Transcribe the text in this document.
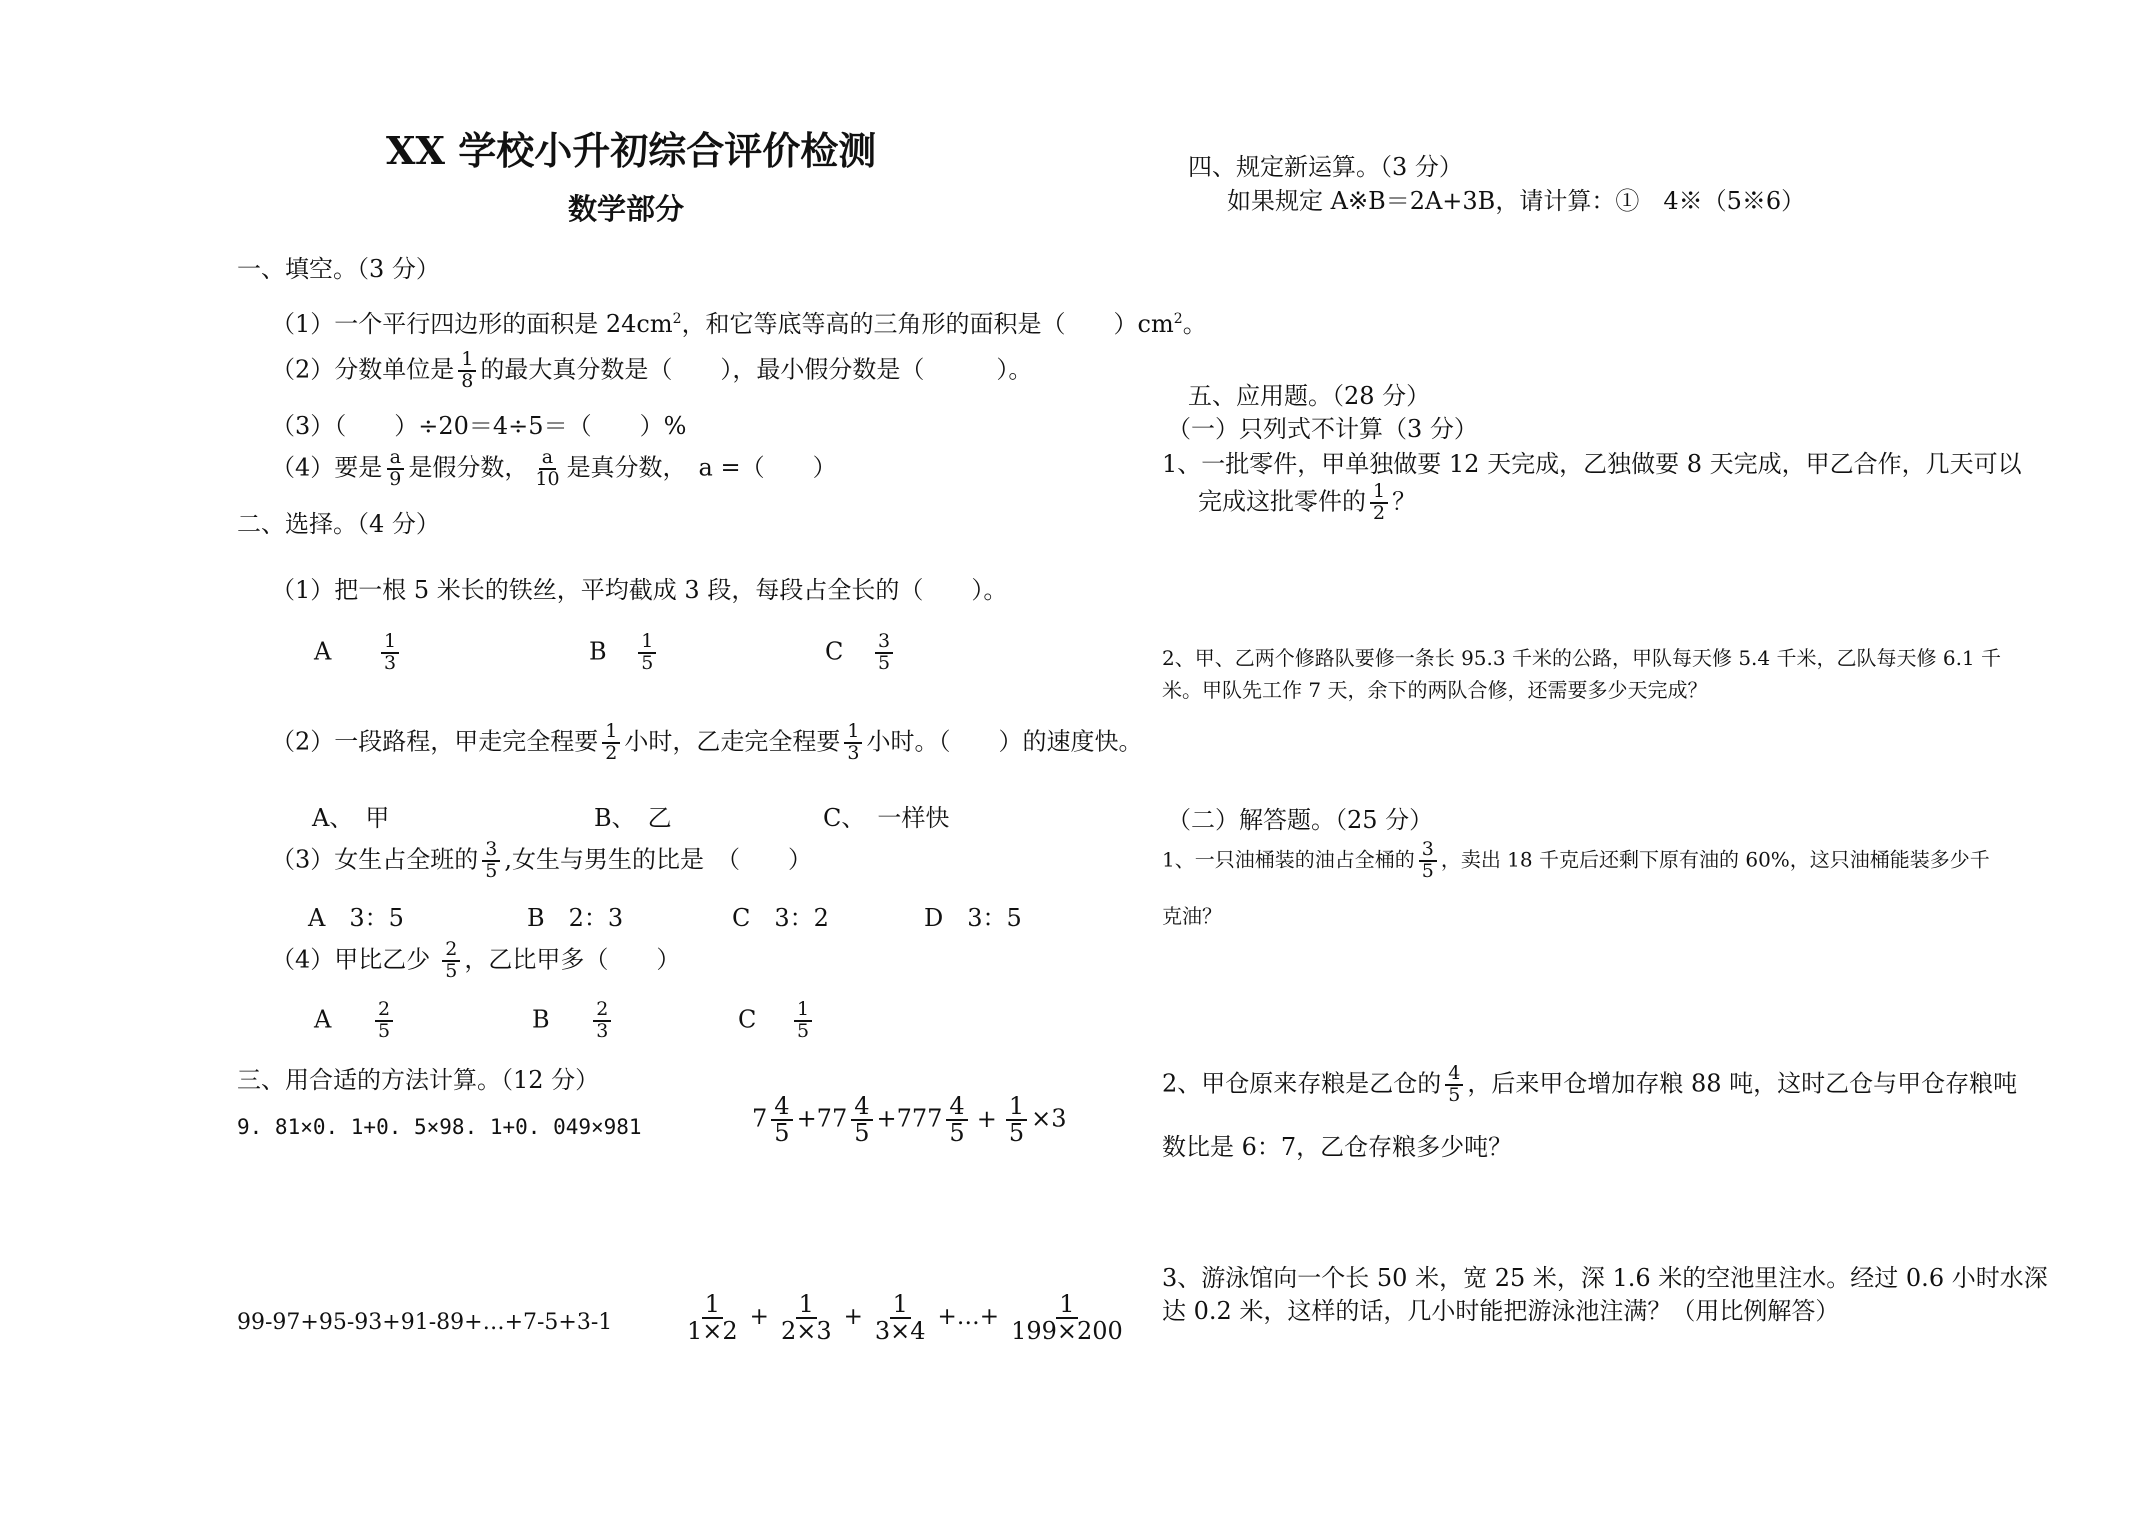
XX 学校小升初综合评价检测
数学部分
一、填空。（3 分）
（1）一个平行四边形的面积是 $24cm^2$，和它等底等高的三角形的面积是（　　）$cm^2$。
（2）分数单位是 $\frac{1}{8}$ 的最大真分数是（　　），最小假分数是（　　　）。
（3）（　　）÷20＝4÷5＝（　　）%
（4）要是 $\frac{a}{9}$ 是假分数， $\frac{a}{10}$ 是真分数，　a =（　　）
二、选择。（4 分）
（1）把一根 5 米长的铁丝，平均截成 3 段，每段占全长的（　　）。
A	$\frac{1}{3}$	B $\frac{1}{5}$	C $\frac{3}{5}$
（2）一段路程，甲走完全程要 $\frac{1}{2}$ 小时，乙走完全程要 $\frac{1}{3}$ 小时。（　　）的速度快。
A、　甲	B、　乙	C、　一样快
（3）女生占全班的 $\frac{3}{5}$ ,女生与男生的比是　（　　）
A　3：5	B　2：3	C　3：2	D　3：5
（4）甲比乙少 $\frac{2}{5}$ ，乙比甲多（　　）
A $\frac{2}{5}$	B $\frac{2}{3}$	C $\frac{1}{5}$
三、用合适的方法计算。（12 分）
9. 81×0. 1+0. 5×98. 1+0. 049×981	$7 \frac{4}{5} +77 \frac{4}{5} +777 \frac{4}{5} + \frac{1}{5} \times 3$
99-97+95-93+91-89+…+7-5+3-1	$\frac{1}{1\times 2} + \frac{1}{2\times 3} + \frac{1}{3\times 4}$ +…+ $\frac{1}{199\times 200}$
四、规定新运算。（3 分）
如果规定 A※B＝2A+3B，请计算：①　4※（5※6）
五、应用题。（28 分）
（一）只列式不计算（3 分）
1、一批零件，甲单独做要 12 天完成，乙独做要 8 天完成，甲乙合作，几天可以
完成这批零件的 $\frac{1}{2}$ ？
2、甲、乙两个修路队要修一条长 95.3 千米的公路，甲队每天修 5.4 千米，乙队每天修 6.1 千
米。甲队先工作 7 天，余下的两队合修，还需要多少天完成？
（二）解答题。（25 分）
1、一只油桶装的油占全桶的 $\frac{3}{5}$ ，卖出 18 千克后还剩下原有油的 60%，这只油桶能装多少千
克油？
2、甲仓原来存粮是乙仓的 $\frac{4}{5}$ ，后来甲仓增加存粮 88 吨，这时乙仓与甲仓存粮吨
数比是 6：7，乙仓存粮多少吨？
3、游泳馆向一个长 50 米，宽 25 米，深 1.6 米的空池里注水。经过 0.6 小时水深
达 0.2 米，这样的话，几小时能把游泳池注满？（用比例解答）
